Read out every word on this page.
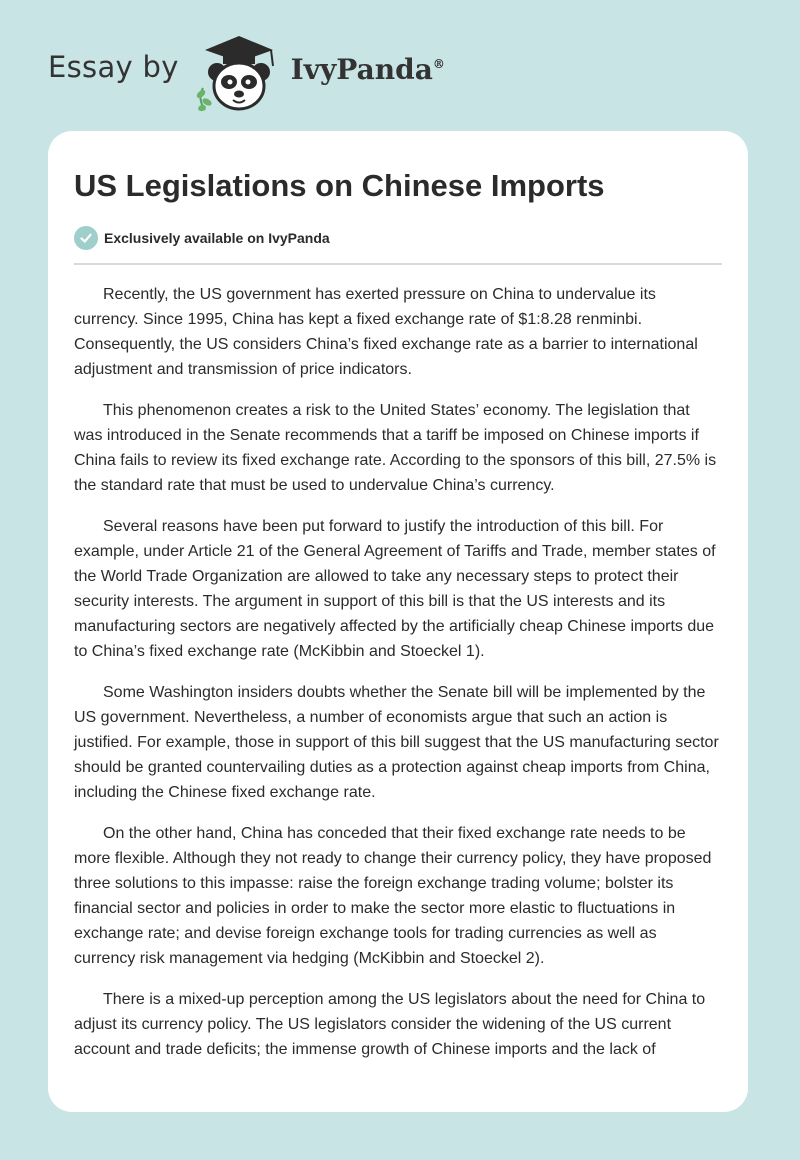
Essay by	IvyPanda®
US Legislations on Chinese Imports
Exclusively available on IvyPanda

Recently, the US government has exerted pressure on China to undervalue its currency. Since 1995, China has kept a fixed exchange rate of $1:8.28 renminbi. Consequently, the US considers China’s fixed exchange rate as a barrier to international adjustment and transmission of price indicators.

This phenomenon creates a risk to the United States’ economy. The legislation that was introduced in the Senate recommends that a tariff be imposed on Chinese imports if China fails to review its fixed exchange rate. According to the sponsors of this bill, 27.5% is the standard rate that must be used to undervalue China’s currency.

Several reasons have been put forward to justify the introduction of this bill. For example, under Article 21 of the General Agreement of Tariffs and Trade, member states of the World Trade Organization are allowed to take any necessary steps to protect their security interests. The argument in support of this bill is that the US interests and its manufacturing sectors are negatively affected by the artificially cheap Chinese imports due to China’s fixed exchange rate (McKibbin and Stoeckel 1).

Some Washington insiders doubts whether the Senate bill will be implemented by the US government. Nevertheless, a number of economists argue that such an action is justified. For example, those in support of this bill suggest that the US manufacturing sector should be granted countervailing duties as a protection against cheap imports from China, including the Chinese fixed exchange rate.

On the other hand, China has conceded that their fixed exchange rate needs to be more flexible. Although they not ready to change their currency policy, they have proposed three solutions to this impasse: raise the foreign exchange trading volume; bolster its financial sector and policies in order to make the sector more elastic to fluctuations in exchange rate; and devise foreign exchange tools for trading currencies as well as currency risk management via hedging (McKibbin and Stoeckel 2).

There is a mixed-up perception among the US legislators about the need for China to adjust its currency policy. The US legislators consider the widening of the US current account and trade deficits; the immense growth of Chinese imports and the lack of
